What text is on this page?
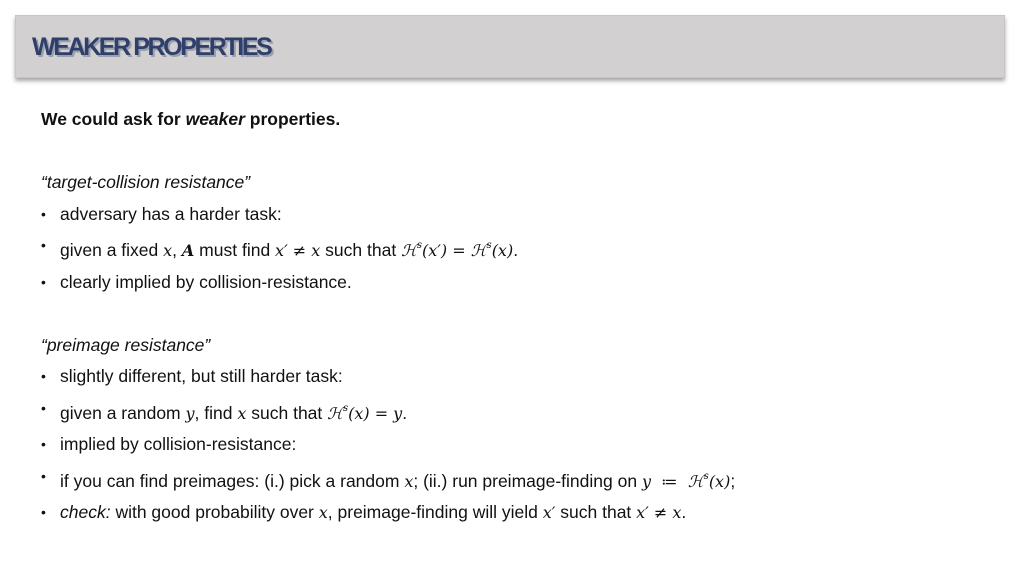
WEAKER PROPERTIES
We could ask for weaker properties.
“target-collision resistance”
• adversary has a harder task:
• given a fixed x, A must find x′ ≠ x such that ℋ$^s$(x′) = ℋ$^s$(x).
• clearly implied by collision-resistance.
“preimage resistance”
• slightly different, but still harder task:
• given a random y, find x such that ℋ$^s$(x) = y.
• implied by collision-resistance:
• if you can find preimages: (i.) pick a random x; (ii.) run preimage-finding on y  ≔  ℋ$^s$(x);
• check: with good probability over x, preimage-finding will yield x′ such that x′ ≠ x.
